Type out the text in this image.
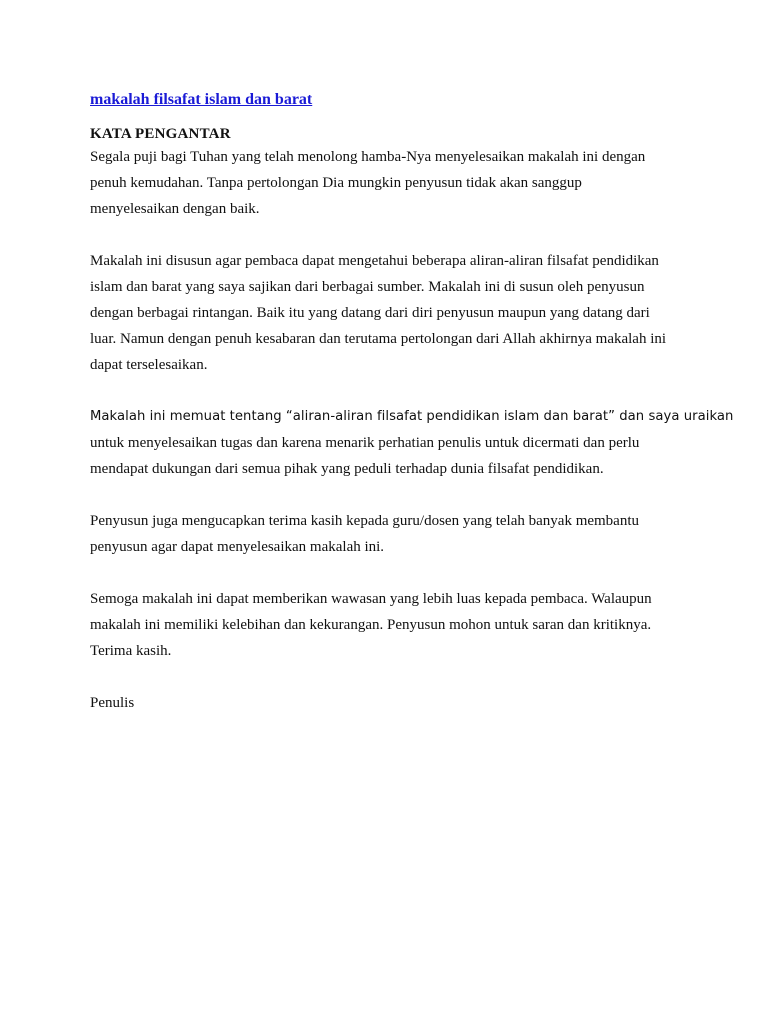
makalah filsafat islam dan barat
KATA PENGANTAR

Segala puji bagi Tuhan yang telah menolong hamba-Nya menyelesaikan makalah ini dengan
penuh kemudahan. Tanpa pertolongan Dia mungkin penyusun tidak akan sanggup
menyelesaikan dengan baik.

Makalah ini disusun agar pembaca dapat mengetahui beberapa aliran-aliran filsafat pendidikan
islam dan barat yang saya sajikan dari berbagai sumber. Makalah ini di susun oleh penyusun
dengan berbagai rintangan. Baik itu yang datang dari diri penyusun maupun yang datang dari
luar. Namun dengan penuh kesabaran dan terutama pertolongan dari Allah akhirnya makalah ini
dapat terselesaikan.

Makalah ini memuat tentang “aliran-aliran filsafat pendidikan islam dan barat” dan saya uraikan
untuk menyelesaikan tugas dan karena menarik perhatian penulis untuk dicermati dan perlu
mendapat dukungan dari semua pihak yang peduli terhadap dunia filsafat pendidikan.

Penyusun juga mengucapkan terima kasih kepada guru/dosen yang telah banyak membantu
penyusun agar dapat menyelesaikan makalah ini.

Semoga makalah ini dapat memberikan wawasan yang lebih luas kepada pembaca. Walaupun
makalah ini memiliki kelebihan dan kekurangan. Penyusun mohon untuk saran dan kritiknya.
Terima kasih.

Penulis
